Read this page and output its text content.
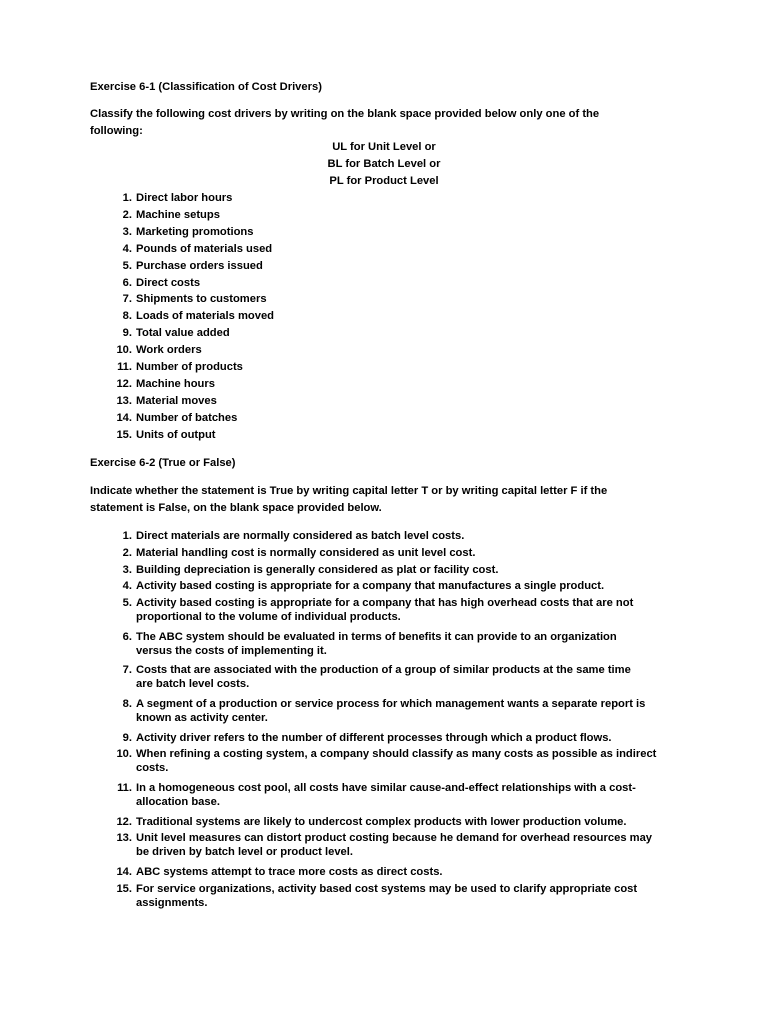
Exercise 6-1 (Classification of Cost Drivers)
Classify the following cost drivers by writing on the blank space provided below only one of the
following:
UL for Unit Level or
BL for Batch Level or
PL for Product Level
1. Direct labor hours
2. Machine setups
3. Marketing promotions
4. Pounds of materials used
5. Purchase orders issued
6. Direct costs
7. Shipments to customers
8. Loads of materials moved
9. Total value added
10. Work orders
11. Number of products
12. Machine hours
13. Material moves
14. Number of batches
15. Units of output
Exercise 6-2 (True or False)
Indicate whether the statement is True by writing capital letter T or by writing capital letter F if the
statement is False, on the blank space provided below.
1. Direct materials are normally considered as batch level costs.
2. Material handling cost is normally considered as unit level cost.
3. Building depreciation is generally considered as plat or facility cost.
4. Activity based costing is appropriate for a company that manufactures a single product.
5. Activity based costing is appropriate for a company that has high overhead costs that are not
proportional to the volume of individual products.
6. The ABC system should be evaluated in terms of benefits it can provide to an organization
versus the costs of implementing it.
7. Costs that are associated with the production of a group of similar products at the same time
are batch level costs.
8. A segment of a production or service process for which management wants a separate report is
known as activity center.
9. Activity driver refers to the number of different processes through which a product flows.
10. When refining a costing system, a company should classify as many costs as possible as indirect
costs.
11. In a homogeneous cost pool, all costs have similar cause-and-effect relationships with a cost-
allocation base.
12. Traditional systems are likely to undercost complex products with lower production volume.
13. Unit level measures can distort product costing because he demand for overhead resources may
be driven by batch level or product level.
14. ABC systems attempt to trace more costs as direct costs.
15. For service organizations, activity based cost systems may be used to clarify appropriate cost
assignments.
